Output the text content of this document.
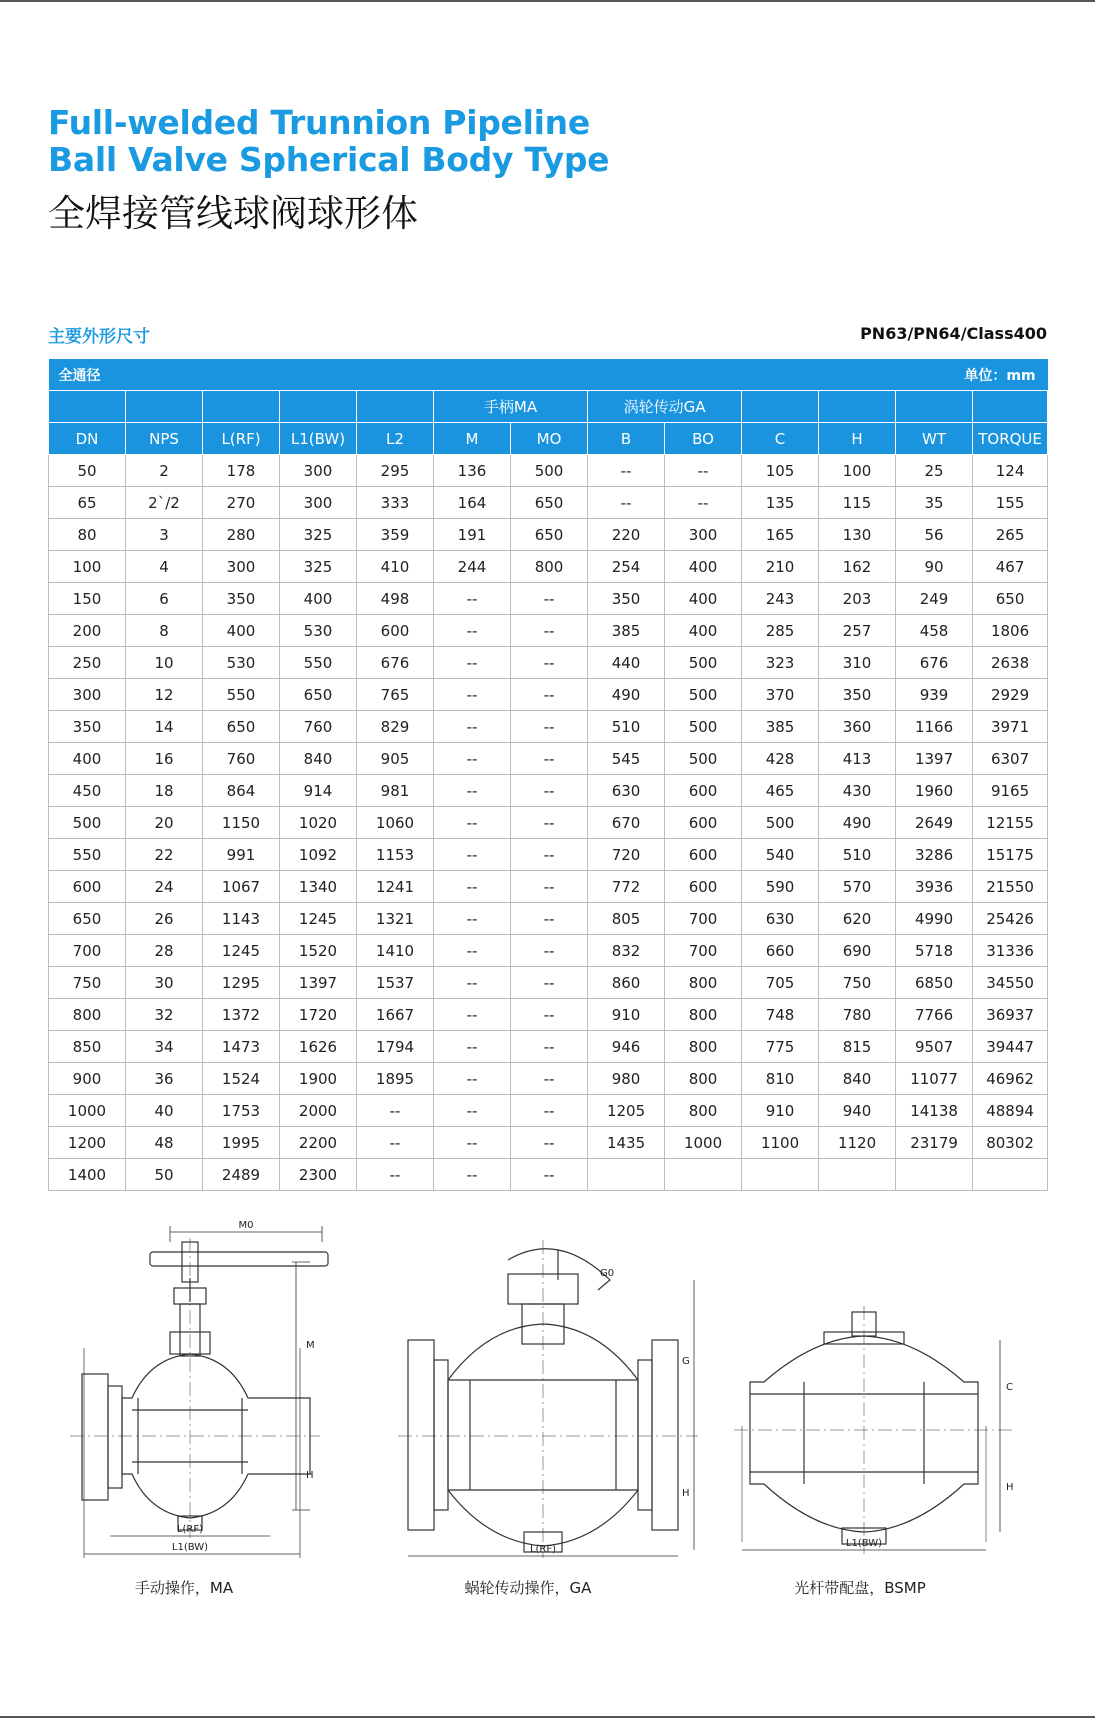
Full-welded Trunnion Pipeline
Ball Valve Spherical Body Type
全焊接管线球阀球形体
主要外形尺寸	PN63/PN64/Class400
全通径							单位：mm					
					手柄MA		涡轮传动GA					
DN	NPS	L(RF)	L1(BW)	L2	M	MO	B	BO	C	H	WT	TORQUE
50	2	178	300	295	136	500	--	--	105	100	25	124
65	2`/2	270	300	333	164	650	--	--	135	115	35	155
80	3	280	325	359	191	650	220	300	165	130	56	265
100	4	300	325	410	244	800	254	400	210	162	90	467
150	6	350	400	498	--	--	350	400	243	203	249	650
200	8	400	530	600	--	--	385	400	285	257	458	1806
250	10	530	550	676	--	--	440	500	323	310	676	2638
300	12	550	650	765	--	--	490	500	370	350	939	2929
350	14	650	760	829	--	--	510	500	385	360	1166	3971
400	16	760	840	905	--	--	545	500	428	413	1397	6307
450	18	864	914	981	--	--	630	600	465	430	1960	9165
500	20	1150	1020	1060	--	--	670	600	500	490	2649	12155
550	22	991	1092	1153	--	--	720	600	540	510	3286	15175
600	24	1067	1340	1241	--	--	772	600	590	570	3936	21550
650	26	1143	1245	1321	--	--	805	700	630	620	4990	25426
700	28	1245	1520	1410	--	--	832	700	660	690	5718	31336
750	30	1295	1397	1537	--	--	860	800	705	750	6850	34550
800	32	1372	1720	1667	--	--	910	800	748	780	7766	36937
850	34	1473	1626	1794	--	--	946	800	775	815	9507	39447
900	36	1524	1900	1895	--	--	980	800	810	840	11077	46962
1000	40	1753	2000	--	--	--	1205	800	910	940	14138	48894
1200	48	1995	2200	--	--	--	1435	1000	1100	1120	23179	80302
1400	50	2489	2300	--	--	--						
M0
M
H
L(RF)
L1(BW)
手动操作，MA
G0
G
H
L(RF)
蜗轮传动操作，GA
C
H
L1(BW)
光杆带配盘，BSMP
